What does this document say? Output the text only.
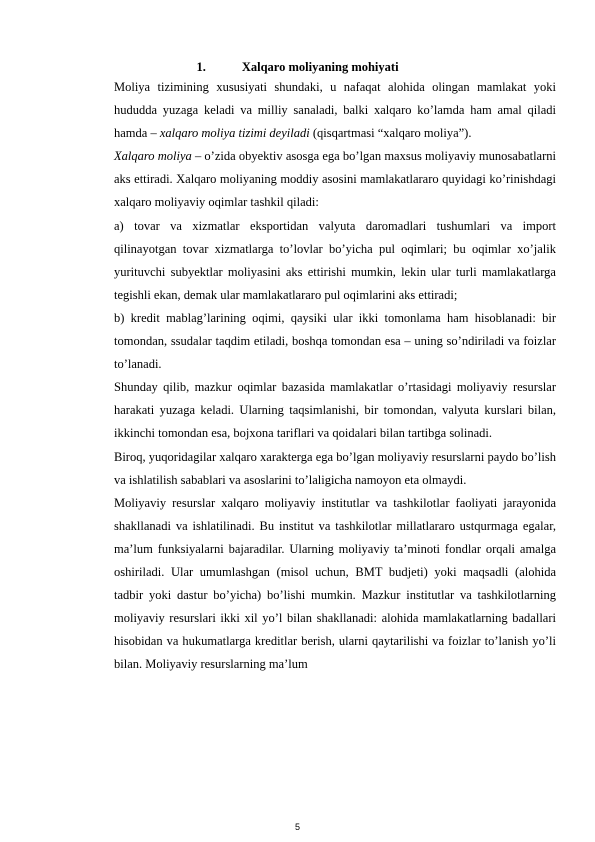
1.	Xalqaro moliyaning mohiyati

Moliya tizimining xususiyati shundaki, u nafaqat alohida olingan mamlakat yoki hududda yuzaga keladi va milliy sanaladi, balki xalqaro ko’lamda ham amal qiladi hamda – xalqaro moliya tizimi deyiladi (qisqartmasi “xalqaro moliya”).

Xalqaro moliya – o’zida obyektiv asosga ega bo’lgan maxsus moliyaviy munosabatlarni aks ettiradi. Xalqaro moliyaning moddiy asosini mamlakatlararo quyidagi ko’rinishdagi xalqaro moliyaviy oqimlar tashkil qiladi:

a) tovar va xizmatlar eksportidan valyuta daromadlari tushumlari va import qilinayotgan tovar xizmatlarga to’lovlar bo’yicha pul oqimlari; bu oqimlar xo’jalik yurituvchi subyektlar moliyasini aks ettirishi mumkin, lekin ular turli mamlakatlarga tegishli ekan, demak ular mamlakatlararo pul oqimlarini aks ettiradi;

b) kredit mablag’larining oqimi, qaysiki ular ikki tomonlama ham hisoblanadi: bir tomondan, ssudalar taqdim etiladi, boshqa tomondan esa – uning so’ndiriladi va foizlar to’lanadi.

Shunday qilib, mazkur oqimlar bazasida mamlakatlar o’rtasidagi moliyaviy resurslar harakati yuzaga keladi. Ularning taqsimlanishi, bir tomondan, valyuta kurslari bilan, ikkinchi tomondan esa, bojxona tariflari va qoidalari bilan tartibga solinadi.

Biroq, yuqoridagilar xalqaro xarakterga ega bo’lgan moliyaviy resurslarni paydo bo’lish va ishlatilish sabablari va asoslarini to’laligicha namoyon eta olmaydi.

Moliyaviy resurslar xalqaro moliyaviy institutlar va tashkilotlar faoliyati jarayonida shakllanadi va ishlatilinadi. Bu institut va tashkilotlar millatlararo ustqurmaga egalar, ma’lum funksiyalarni bajaradilar. Ularning moliyaviy ta’minoti fondlar orqali amalga oshiriladi. Ular umumlashgan (misol uchun, BMT budjeti) yoki maqsadli (alohida tadbir yoki dastur bo’yicha) bo’lishi mumkin. Mazkur institutlar va tashkilotlarning moliyaviy resurslari ikki xil yo’l bilan shakllanadi: alohida mamlakatlarning badallari hisobidan va hukumatlarga kreditlar berish, ularni qaytarilishi va foizlar to’lanish yo’li bilan. Moliyaviy resurslarning ma’lum

5
